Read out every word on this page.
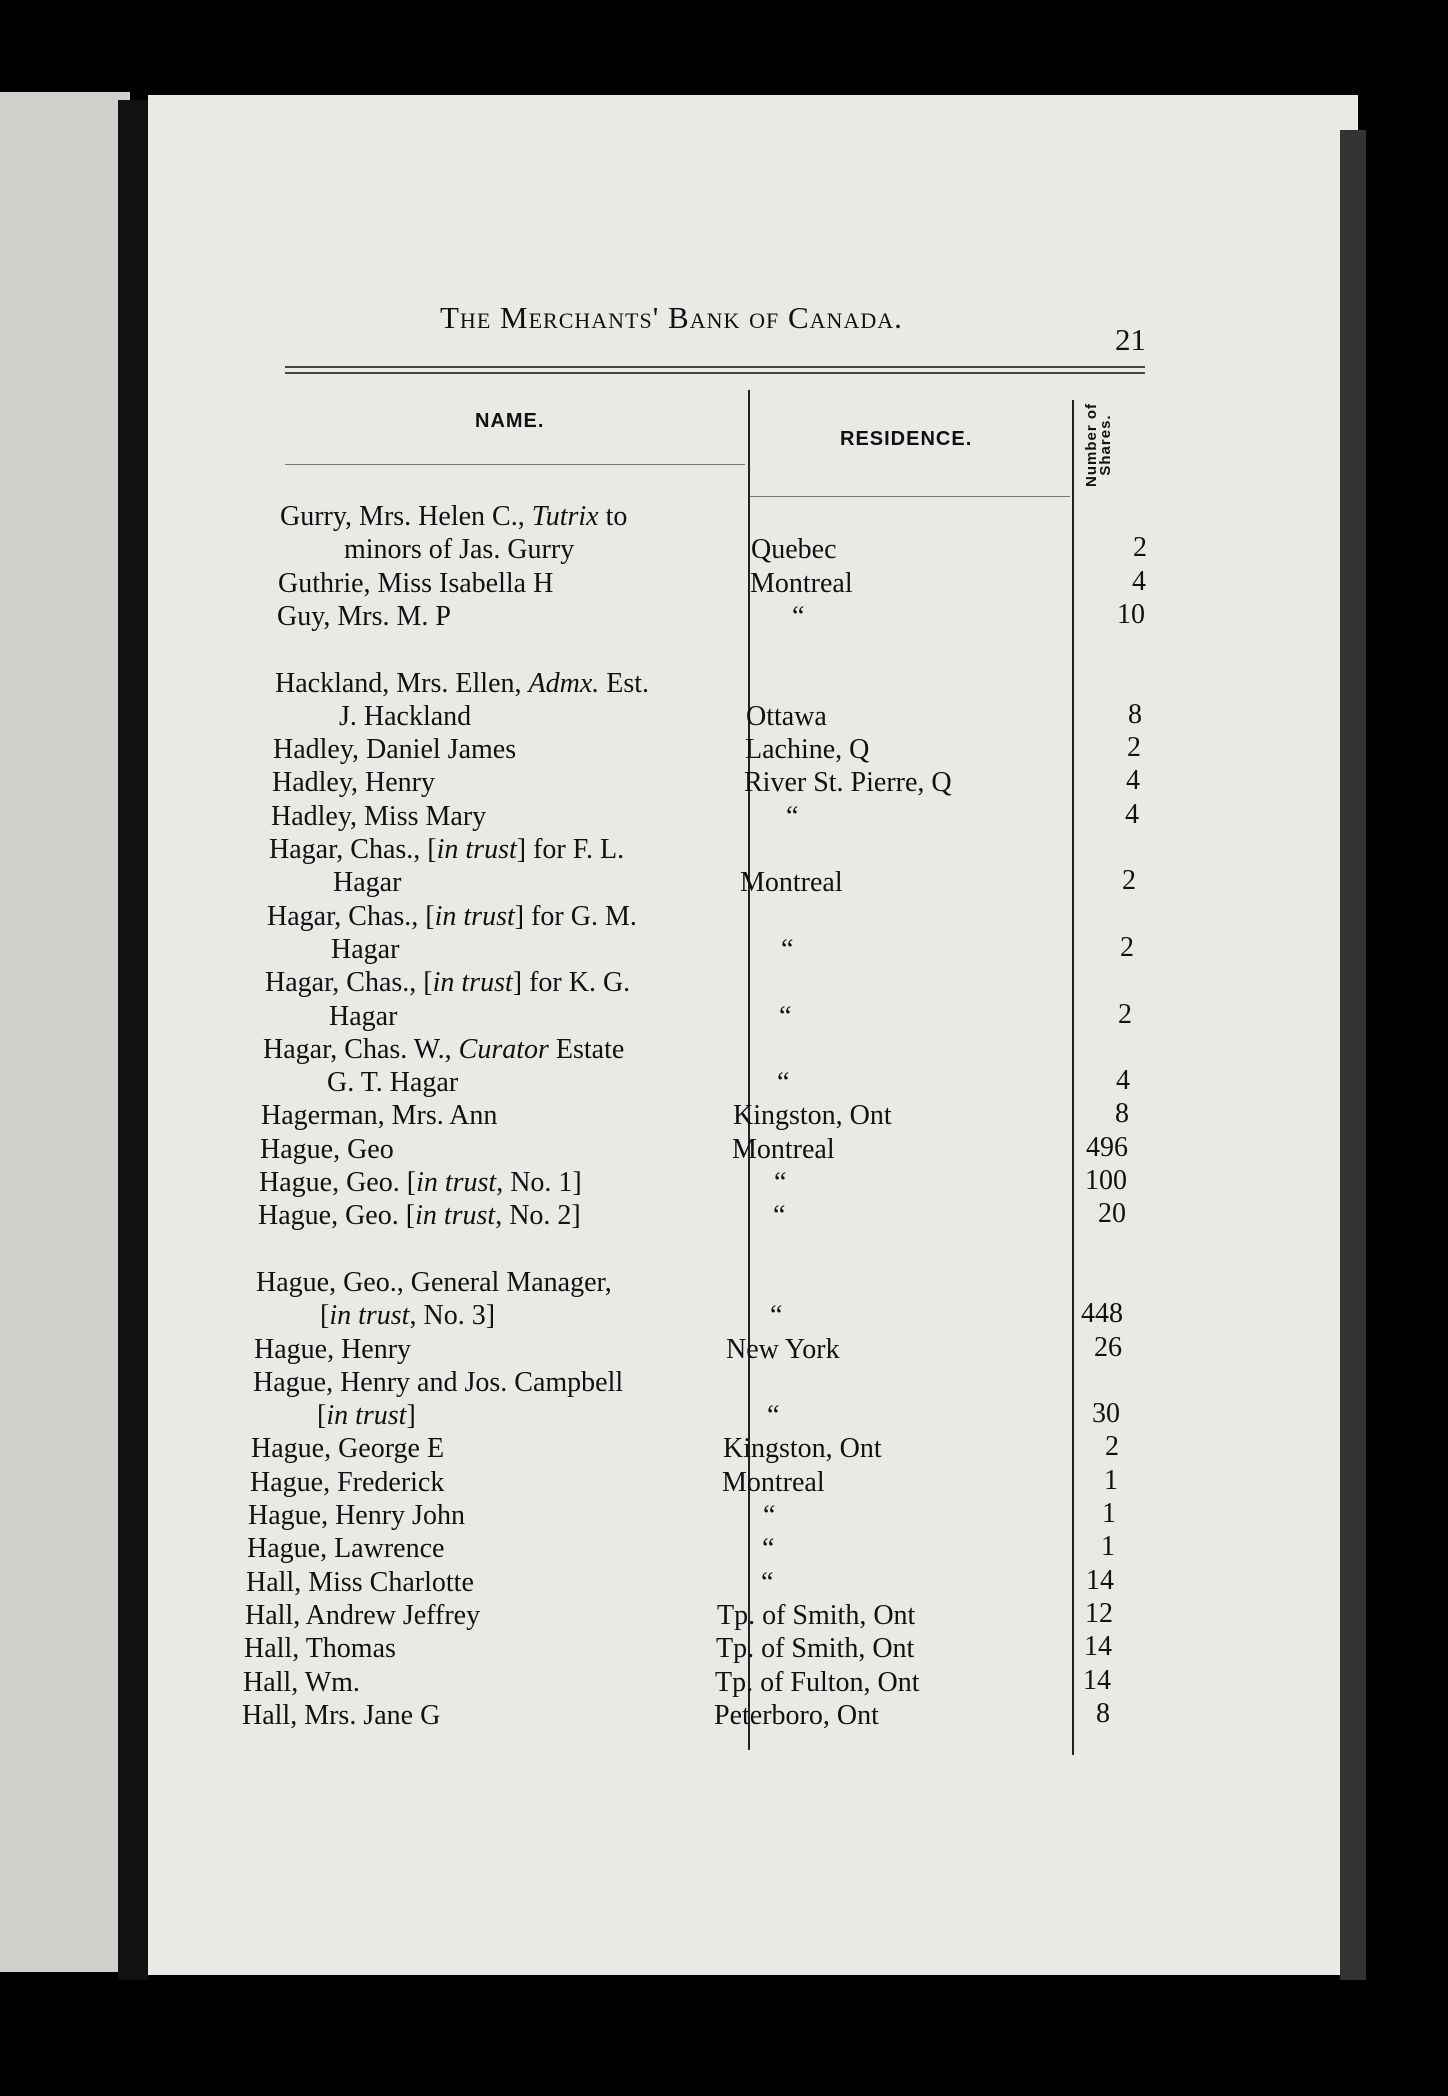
The Merchants' Bank of Canada.
21
NAME.
RESIDENCE.	Number of Shares.
Gurry, Mrs. Helen C., Tutrix to
minors of Jas. Gurry	Quebec	2
Guthrie, Miss Isabella H	Montreal	4
Guy, Mrs. M. P	“	10
Hackland, Mrs. Ellen, Admx. Est.
J. Hackland	Ottawa	8
Hadley, Daniel James	Lachine, Q	2
Hadley, Henry	River St. Pierre, Q	4
Hadley, Miss Mary	“	4
Hagar, Chas., [in trust] for F. L.
Hagar	Montreal	2
Hagar, Chas., [in trust] for G. M.
Hagar	“	2
Hagar, Chas., [in trust] for K. G.
Hagar	“	2
Hagar, Chas. W., Curator Estate
G. T. Hagar	“	4
Hagerman, Mrs. Ann	Kingston, Ont	8
Hague, Geo	Montreal	496
Hague, Geo. [in trust, No. 1]	“	100
Hague, Geo. [in trust, No. 2]	“	20
Hague, Geo., General Manager,
[in trust, No. 3]	“	448
Hague, Henry	New York	26
Hague, Henry and Jos. Campbell
[in trust]	“	30
Hague, George E	Kingston, Ont	2
Hague, Frederick	Montreal	1
Hague, Henry John	“	1
Hague, Lawrence	“	1
Hall, Miss Charlotte	“	14
Hall, Andrew Jeffrey	Tp. of Smith, Ont	12
Hall, Thomas	Tp. of Smith, Ont	14
Hall, Wm.	Tp. of Fulton, Ont	14
Hall, Mrs. Jane G	Peterboro, Ont	8
